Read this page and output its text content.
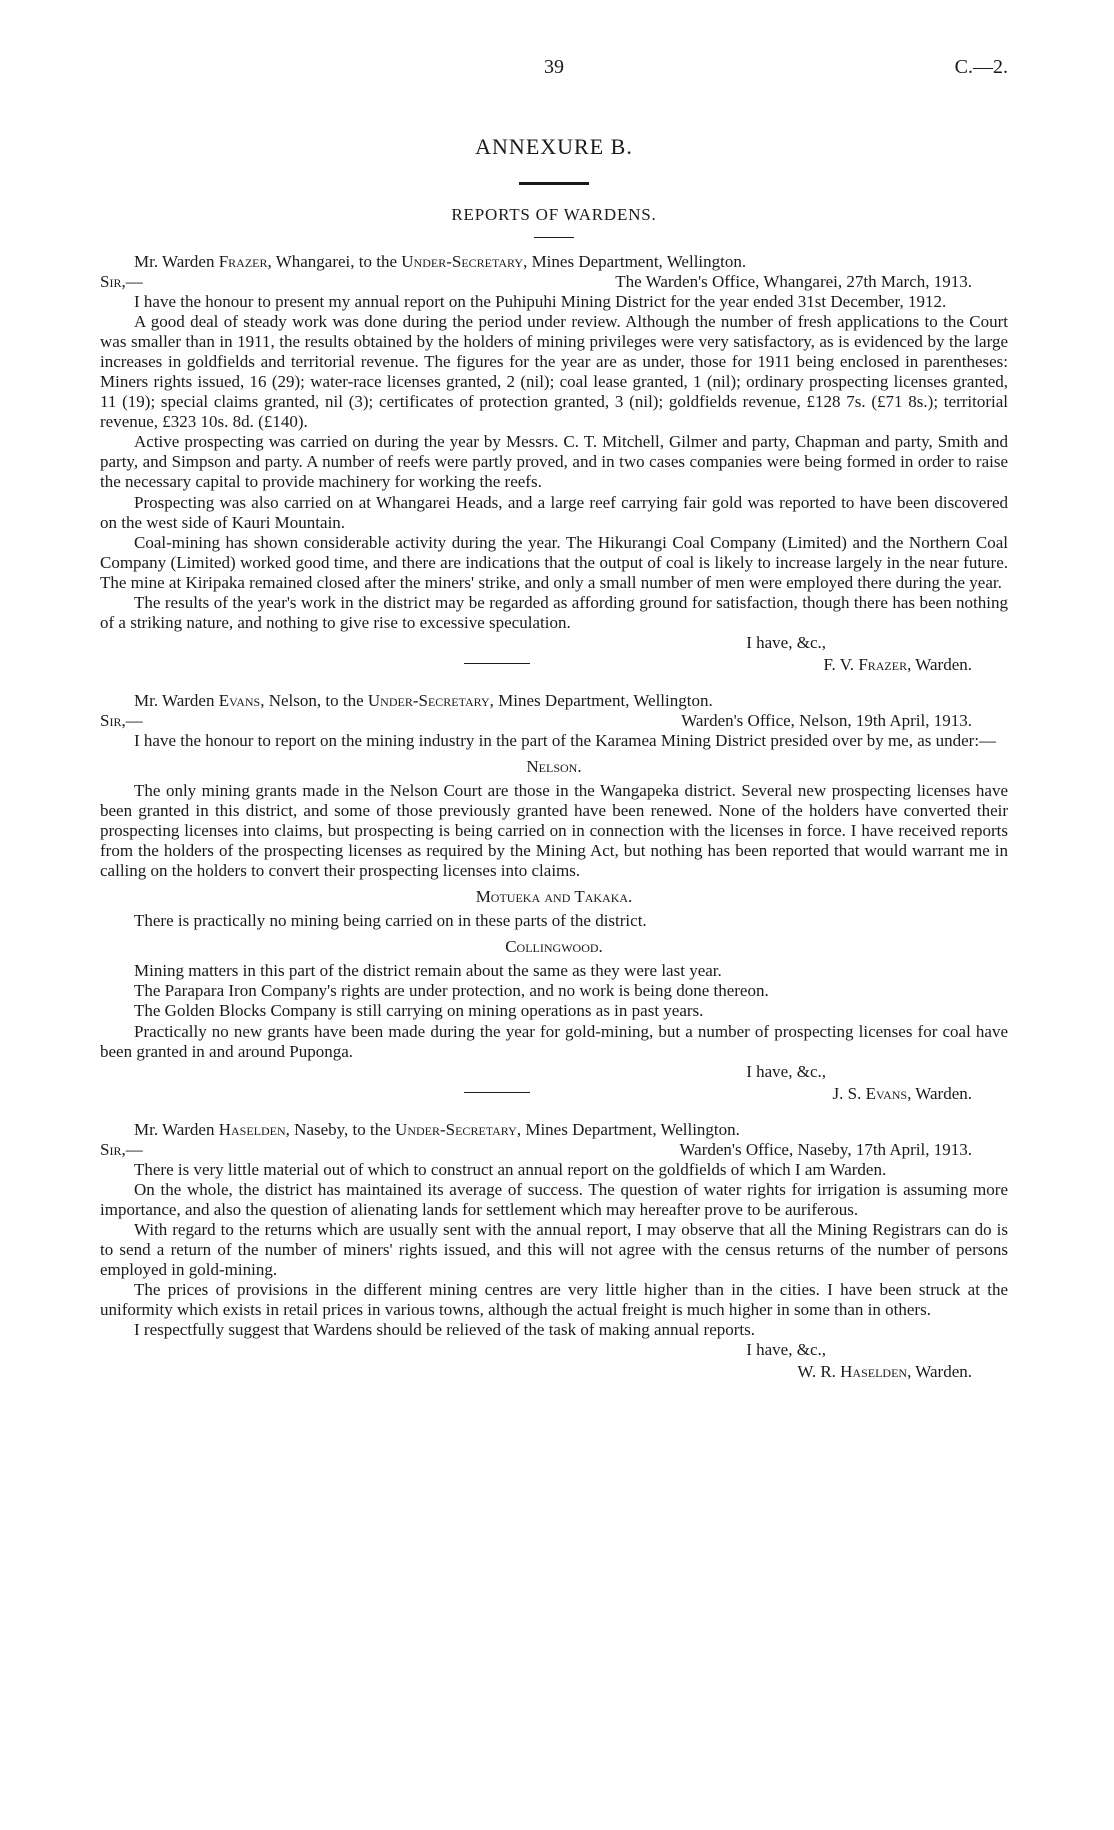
39	C.—2.
ANNEXURE B.
REPORTS OF WARDENS.

Mr. Warden Frazer, Whangarei, to the Under-Secretary, Mines Department, Wellington.

Sir,—	The Warden's Office, Whangarei, 27th March, 1913.

I have the honour to present my annual report on the Puhipuhi Mining District for the year ended 31st December, 1912.

A good deal of steady work was done during the period under review. Although the number of fresh applications to the Court was smaller than in 1911, the results obtained by the holders of mining privileges were very satisfactory, as is evidenced by the large increases in goldfields and territorial revenue. The figures for the year are as under, those for 1911 being enclosed in parentheses: Miners rights issued, 16 (29); water-race licenses granted, 2 (nil); coal lease granted, 1 (nil); ordinary prospecting licenses granted, 11 (19); special claims granted, nil (3); certificates of protection granted, 3 (nil); goldfields revenue, £128 7s. (£71 8s.); territorial revenue, £323 10s. 8d. (£140).

Active prospecting was carried on during the year by Messrs. C. T. Mitchell, Gilmer and party, Chapman and party, Smith and party, and Simpson and party. A number of reefs were partly proved, and in two cases companies were being formed in order to raise the necessary capital to provide machinery for working the reefs.

Prospecting was also carried on at Whangarei Heads, and a large reef carrying fair gold was reported to have been discovered on the west side of Kauri Mountain.

Coal-mining has shown considerable activity during the year. The Hikurangi Coal Company (Limited) and the Northern Coal Company (Limited) worked good time, and there are indications that the output of coal is likely to increase largely in the near future. The mine at Kiripaka remained closed after the miners' strike, and only a small number of men were employed there during the year.

The results of the year's work in the district may be regarded as affording ground for satisfaction, though there has been nothing of a striking nature, and nothing to give rise to excessive speculation.

I have, &c.,
F. V. Frazer, Warden.

Mr. Warden Evans, Nelson, to the Under-Secretary, Mines Department, Wellington.

Sir,—	Warden's Office, Nelson, 19th April, 1913.

I have the honour to report on the mining industry in the part of the Karamea Mining District presided over by me, as under:—

Nelson.

The only mining grants made in the Nelson Court are those in the Wangapeka district. Several new prospecting licenses have been granted in this district, and some of those previously granted have been renewed. None of the holders have converted their prospecting licenses into claims, but prospecting is being carried on in connection with the licenses in force. I have received reports from the holders of the prospecting licenses as required by the Mining Act, but nothing has been reported that would warrant me in calling on the holders to convert their prospecting licenses into claims.

Motueka and Takaka.

There is practically no mining being carried on in these parts of the district.

Collingwood.

Mining matters in this part of the district remain about the same as they were last year.

The Parapara Iron Company's rights are under protection, and no work is being done thereon.

The Golden Blocks Company is still carrying on mining operations as in past years.

Practically no new grants have been made during the year for gold-mining, but a number of prospecting licenses for coal have been granted in and around Puponga.

I have, &c.,
J. S. Evans, Warden.

Mr. Warden Haselden, Naseby, to the Under-Secretary, Mines Department, Wellington.

Sir,—	Warden's Office, Naseby, 17th April, 1913.

There is very little material out of which to construct an annual report on the goldfields of which I am Warden.

On the whole, the district has maintained its average of success. The question of water rights for irrigation is assuming more importance, and also the question of alienating lands for settlement which may hereafter prove to be auriferous.

With regard to the returns which are usually sent with the annual report, I may observe that all the Mining Registrars can do is to send a return of the number of miners' rights issued, and this will not agree with the census returns of the number of persons employed in gold-mining.

The prices of provisions in the different mining centres are very little higher than in the cities. I have been struck at the uniformity which exists in retail prices in various towns, although the actual freight is much higher in some than in others.

I respectfully suggest that Wardens should be relieved of the task of making annual reports.

I have, &c.,
W. R. Haselden, Warden.
